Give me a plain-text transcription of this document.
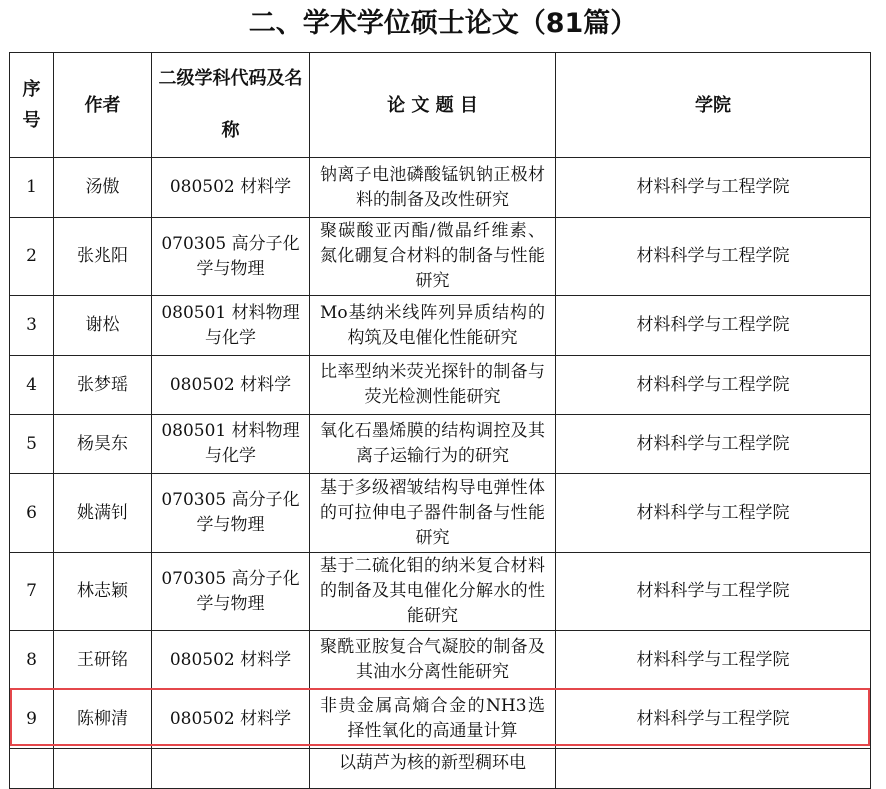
二、学术学位硕士论文（81篇）
序号	作者	二级学科代码及名称	论 文 题 目	学院
1	汤傲	080502 材料学	钠离子电池磷酸锰钒钠正极材料的制备及改性研究	材料科学与工程学院
2	张兆阳	070305 高分子化学与物理	聚碳酸亚丙酯/微晶纤维素、氮化硼复合材料的制备与性能研究	材料科学与工程学院
3	谢松	080501 材料物理与化学	Mo基纳米线阵列异质结构的构筑及电催化性能研究	材料科学与工程学院
4	张梦瑶	080502 材料学	比率型纳米荧光探针的制备与荧光检测性能研究	材料科学与工程学院
5	杨昊东	080501 材料物理与化学	氧化石墨烯膜的结构调控及其离子运输行为的研究	材料科学与工程学院
6	姚满钊	070305 高分子化学与物理	基于多级褶皱结构导电弹性体的可拉伸电子器件制备与性能研究	材料科学与工程学院
7	林志颖	070305 高分子化学与物理	基于二硫化钼的纳米复合材料的制备及其电催化分解水的性能研究	材料科学与工程学院
8	王研铭	080502 材料学	聚酰亚胺复合气凝胶的制备及其油水分离性能研究	材料科学与工程学院
9	陈柳清	080502 材料学	非贵金属高熵合金的NH3选择性氧化的高通量计算	材料科学与工程学院
			以葫芦为核的新型稠环电	
